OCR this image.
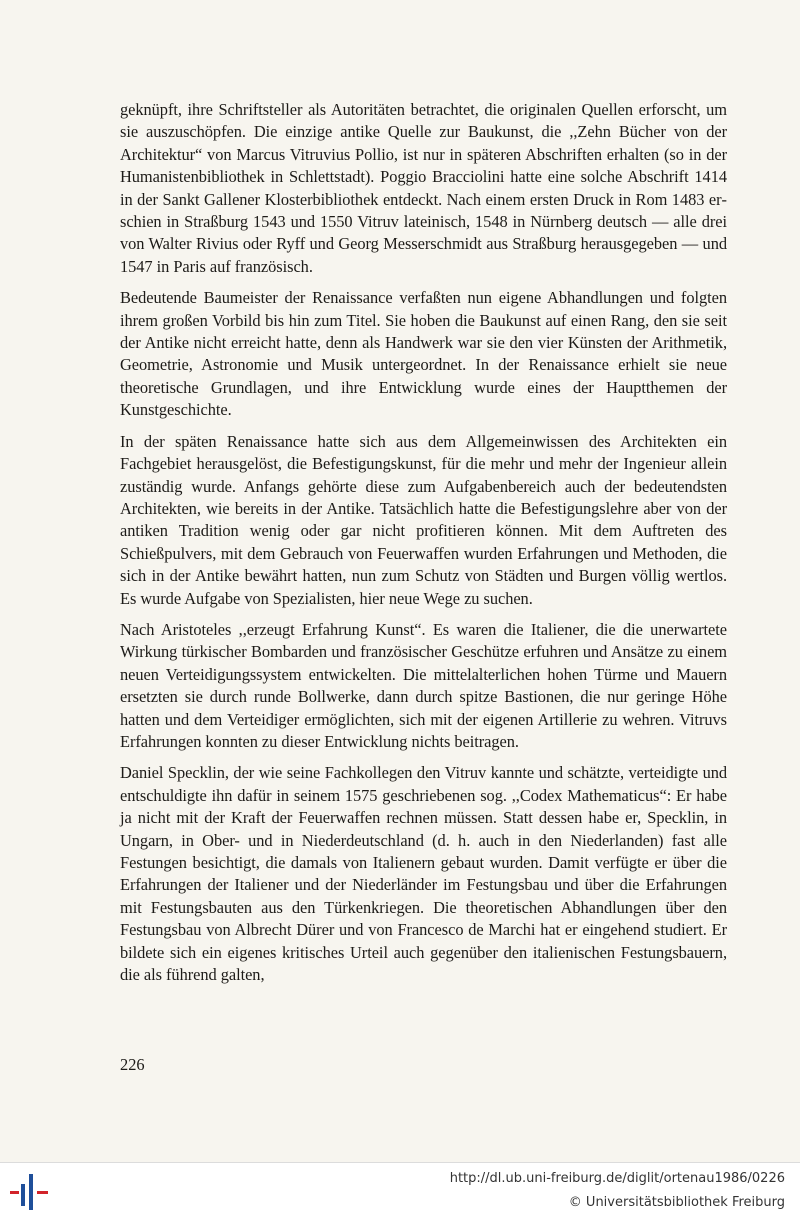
geknüpft, ihre Schriftsteller als Autoritäten betrachtet, die originalen Quellen erforscht, um sie auszuschöpfen. Die einzige antike Quelle zur Baukunst, die ,,Zehn Bücher von der Architektur“ von Marcus Vitruvius Pollio, ist nur in späteren Abschriften erhalten (so in der Humanistenbibliothek in Schlettstadt). Poggio Bracciolini hatte eine solche Abschrift 1414 in der Sankt Gallener Klosterbibliothek entdeckt. Nach einem ersten Druck in Rom 1483 erschien in Straßburg 1543 und 1550 Vitruv lateinisch, 1548 in Nürnberg deutsch — alle drei von Walter Rivius oder Ryff und Georg Messerschmidt aus Straßburg herausgegeben — und 1547 in Paris auf französisch.

Bedeutende Baumeister der Renaissance verfaßten nun eigene Abhandlungen und folgten ihrem großen Vorbild bis hin zum Titel. Sie hoben die Baukunst auf einen Rang, den sie seit der Antike nicht erreicht hatte, denn als Handwerk war sie den vier Künsten der Arithmetik, Geometrie, Astronomie und Musik untergeordnet. In der Renaissance erhielt sie neue theoretische Grundlagen, und ihre Entwicklung wurde eines der Hauptthemen der Kunstgeschichte.

In der späten Renaissance hatte sich aus dem Allgemeinwissen des Architekten ein Fachgebiet herausgelöst, die Befestigungskunst, für die mehr und mehr der Ingenieur allein zuständig wurde. Anfangs gehörte diese zum Aufgabenbereich auch der bedeutendsten Architekten, wie bereits in der Antike. Tatsächlich hatte die Befestigungslehre aber von der antiken Tradition wenig oder gar nicht profitieren können. Mit dem Auftreten des Schießpulvers, mit dem Gebrauch von Feuerwaffen wurden Erfahrungen und Methoden, die sich in der Antike bewährt hatten, nun zum Schutz von Städten und Burgen völlig wertlos. Es wurde Aufgabe von Spezialisten, hier neue Wege zu suchen.

Nach Aristoteles ,,erzeugt Erfahrung Kunst“. Es waren die Italiener, die die unerwartete Wirkung türkischer Bombarden und französischer Geschütze erfuhren und Ansätze zu einem neuen Verteidigungssystem entwickelten. Die mittelalterlichen hohen Türme und Mauern ersetzten sie durch runde Bollwerke, dann durch spitze Bastionen, die nur geringe Höhe hatten und dem Verteidiger ermöglichten, sich mit der eigenen Artillerie zu wehren. Vitruvs Erfahrungen konnten zu dieser Entwicklung nichts beitragen.

Daniel Specklin, der wie seine Fachkollegen den Vitruv kannte und schätzte, verteidigte und entschuldigte ihn dafür in seinem 1575 geschriebenen sog. ,,Codex Mathematicus“: Er habe ja nicht mit der Kraft der Feuerwaffen rechnen müssen. Statt dessen habe er, Specklin, in Ungarn, in Ober- und in Niederdeutschland (d. h. auch in den Niederlanden) fast alle Festungen besichtigt, die damals von Italienern gebaut wurden. Damit verfügte er über die Erfahrungen der Italiener und der Niederländer im Festungsbau und über die Erfahrungen mit Festungsbauten aus den Türkenkriegen. Die theoretischen Abhandlungen über den Festungsbau von Albrecht Dürer und von Francesco de Marchi hat er eingehend studiert. Er bildete sich ein eigenes kritisches Urteil auch gegenüber den italienischen Festungsbauern, die als führend galten,

226
http://dl.ub.uni-freiburg.de/diglit/ortenau1986/0226
© Universitätsbibliothek Freiburg
